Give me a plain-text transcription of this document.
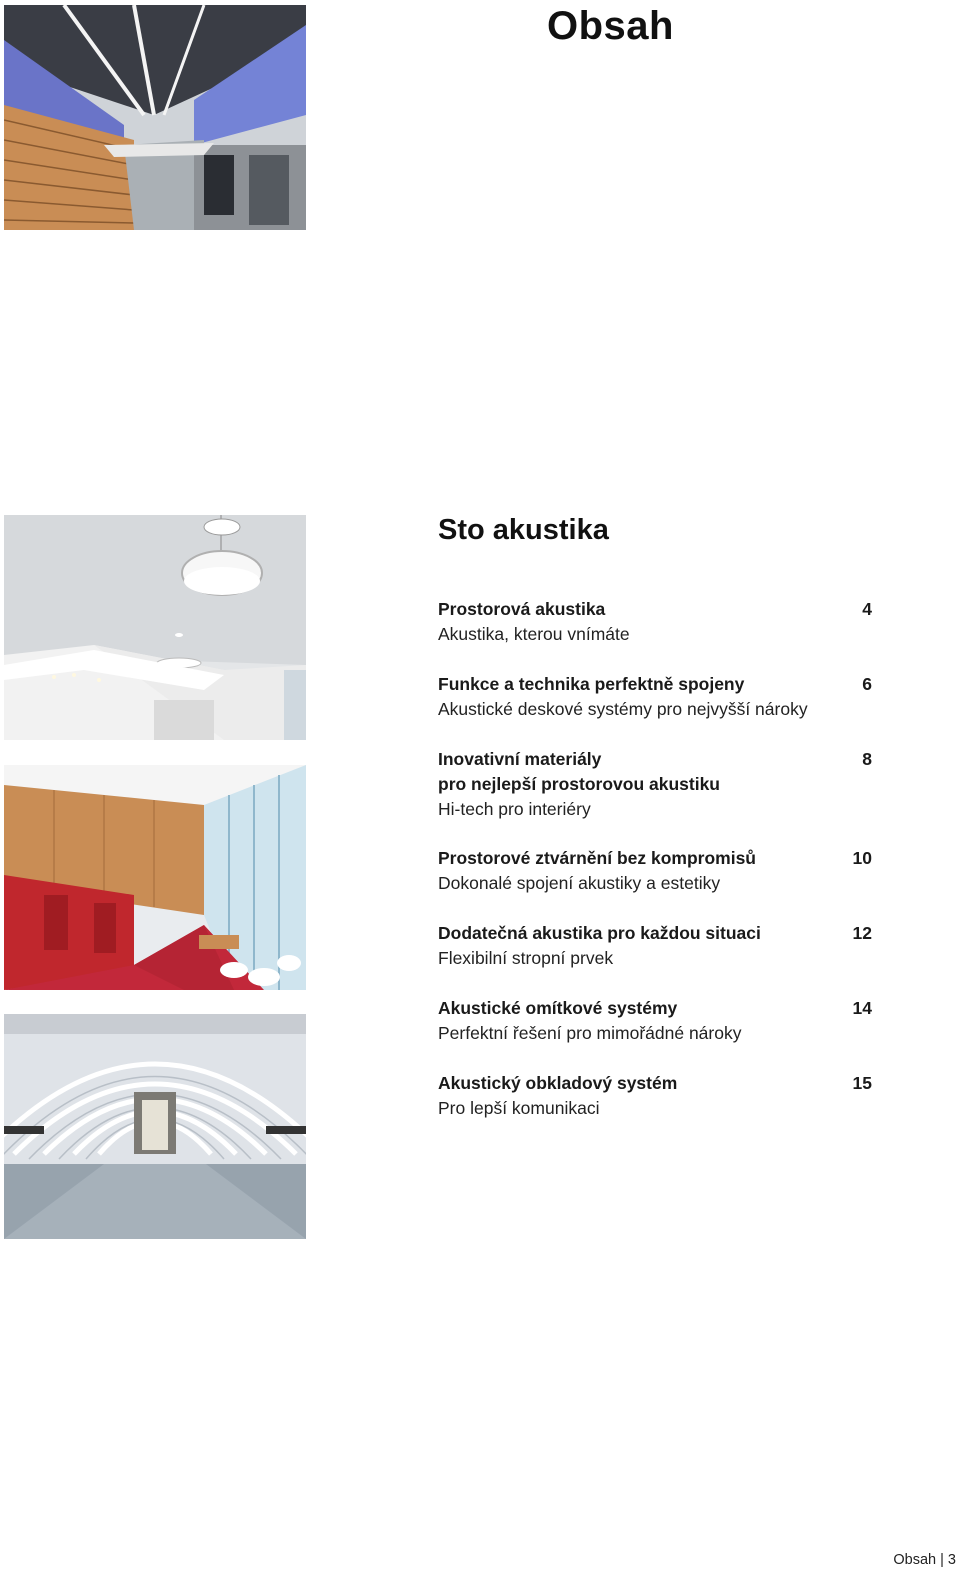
Obsah
Sto akustika
Prostorová akustika
Akustika, kterou vnímáte
4
Funkce a technika perfektně spojeny
Akustické deskové systémy pro nejvyšší nároky
6
Inovativní materiály
pro nejlepší prostorovou akustiku
Hi-tech pro interiéry
8
Prostorové ztvárnění bez kompromisů
Dokonalé spojení akustiky a estetiky
10
Dodatečná akustika pro každou situaci
Flexibilní stropní prvek
12
Akustické omítkové systémy
Perfektní řešení pro mimořádné nároky
14
Akustický obkladový systém
Pro lepší komunikaci
15
Obsah | 3
